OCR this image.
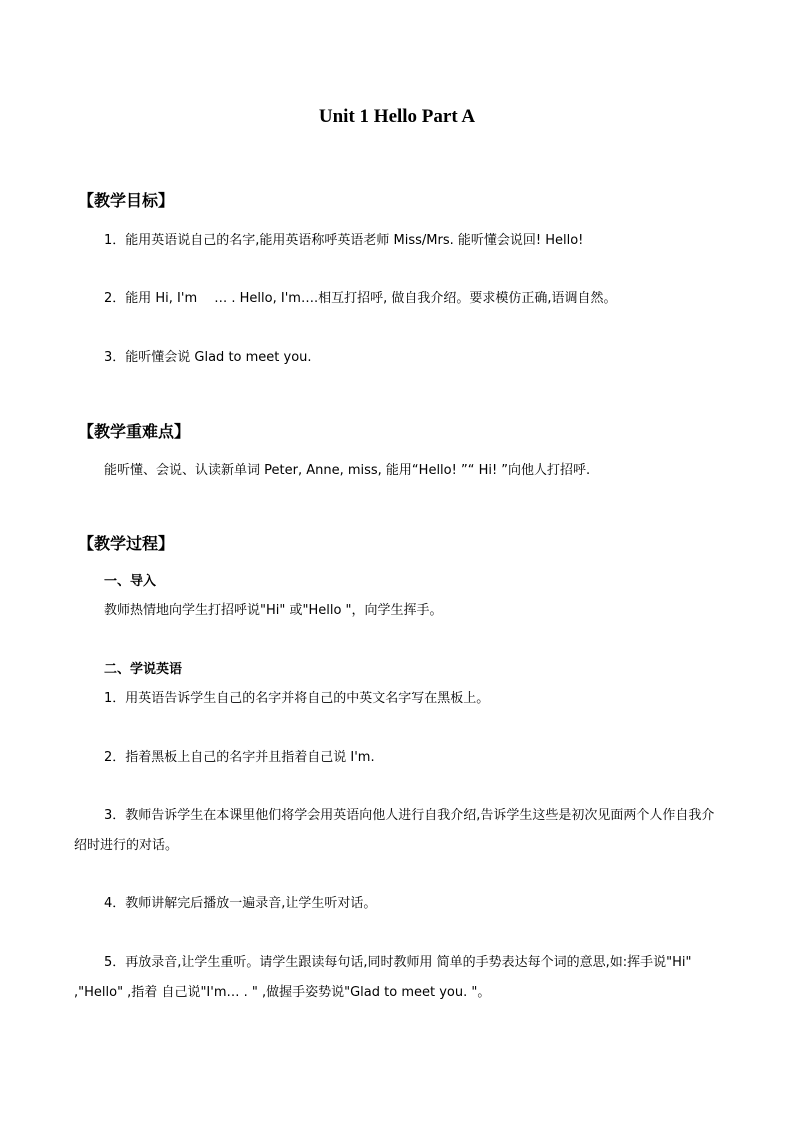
Unit 1 Hello Part A
【教学目标】
1．能用英语说自己的名字,能用英语称呼英语老师 Miss/Mrs. 能听懂会说回! Hello!
2．能用 Hi, I'm　 … . Hello, I'm….相互打招呼, 做自我介绍。要求模仿正确,语调自然。
3．能听懂会说 Glad to meet you.
【教学重难点】
能听懂、会说、认读新单词 Peter, Anne, miss, 能用“Hello! ”“ Hi! ”向他人打招呼.
【教学过程】
一、导入
教师热情地向学生打招呼说"Hi" 或"Hello "，向学生挥手。
二、学说英语
1．用英语告诉学生自己的名字并将自己的中英文名字写在黑板上。
2．指着黑板上自己的名字并且指着自己说 I'm.
3．教师告诉学生在本课里他们将学会用英语向他人进行自我介绍,告诉学生这些是初次见面两个人作自我介绍时进行的对话。
4．教师讲解完后播放一遍录音,让学生听对话。
5．再放录音,让学生重听。请学生跟读每句话,同时教师用 简单的手势表达每个词的意思,如:挥手说"Hi" ,"Hello" ,指着 自己说"I'm… . " ,做握手姿势说"Glad to meet you. "。
